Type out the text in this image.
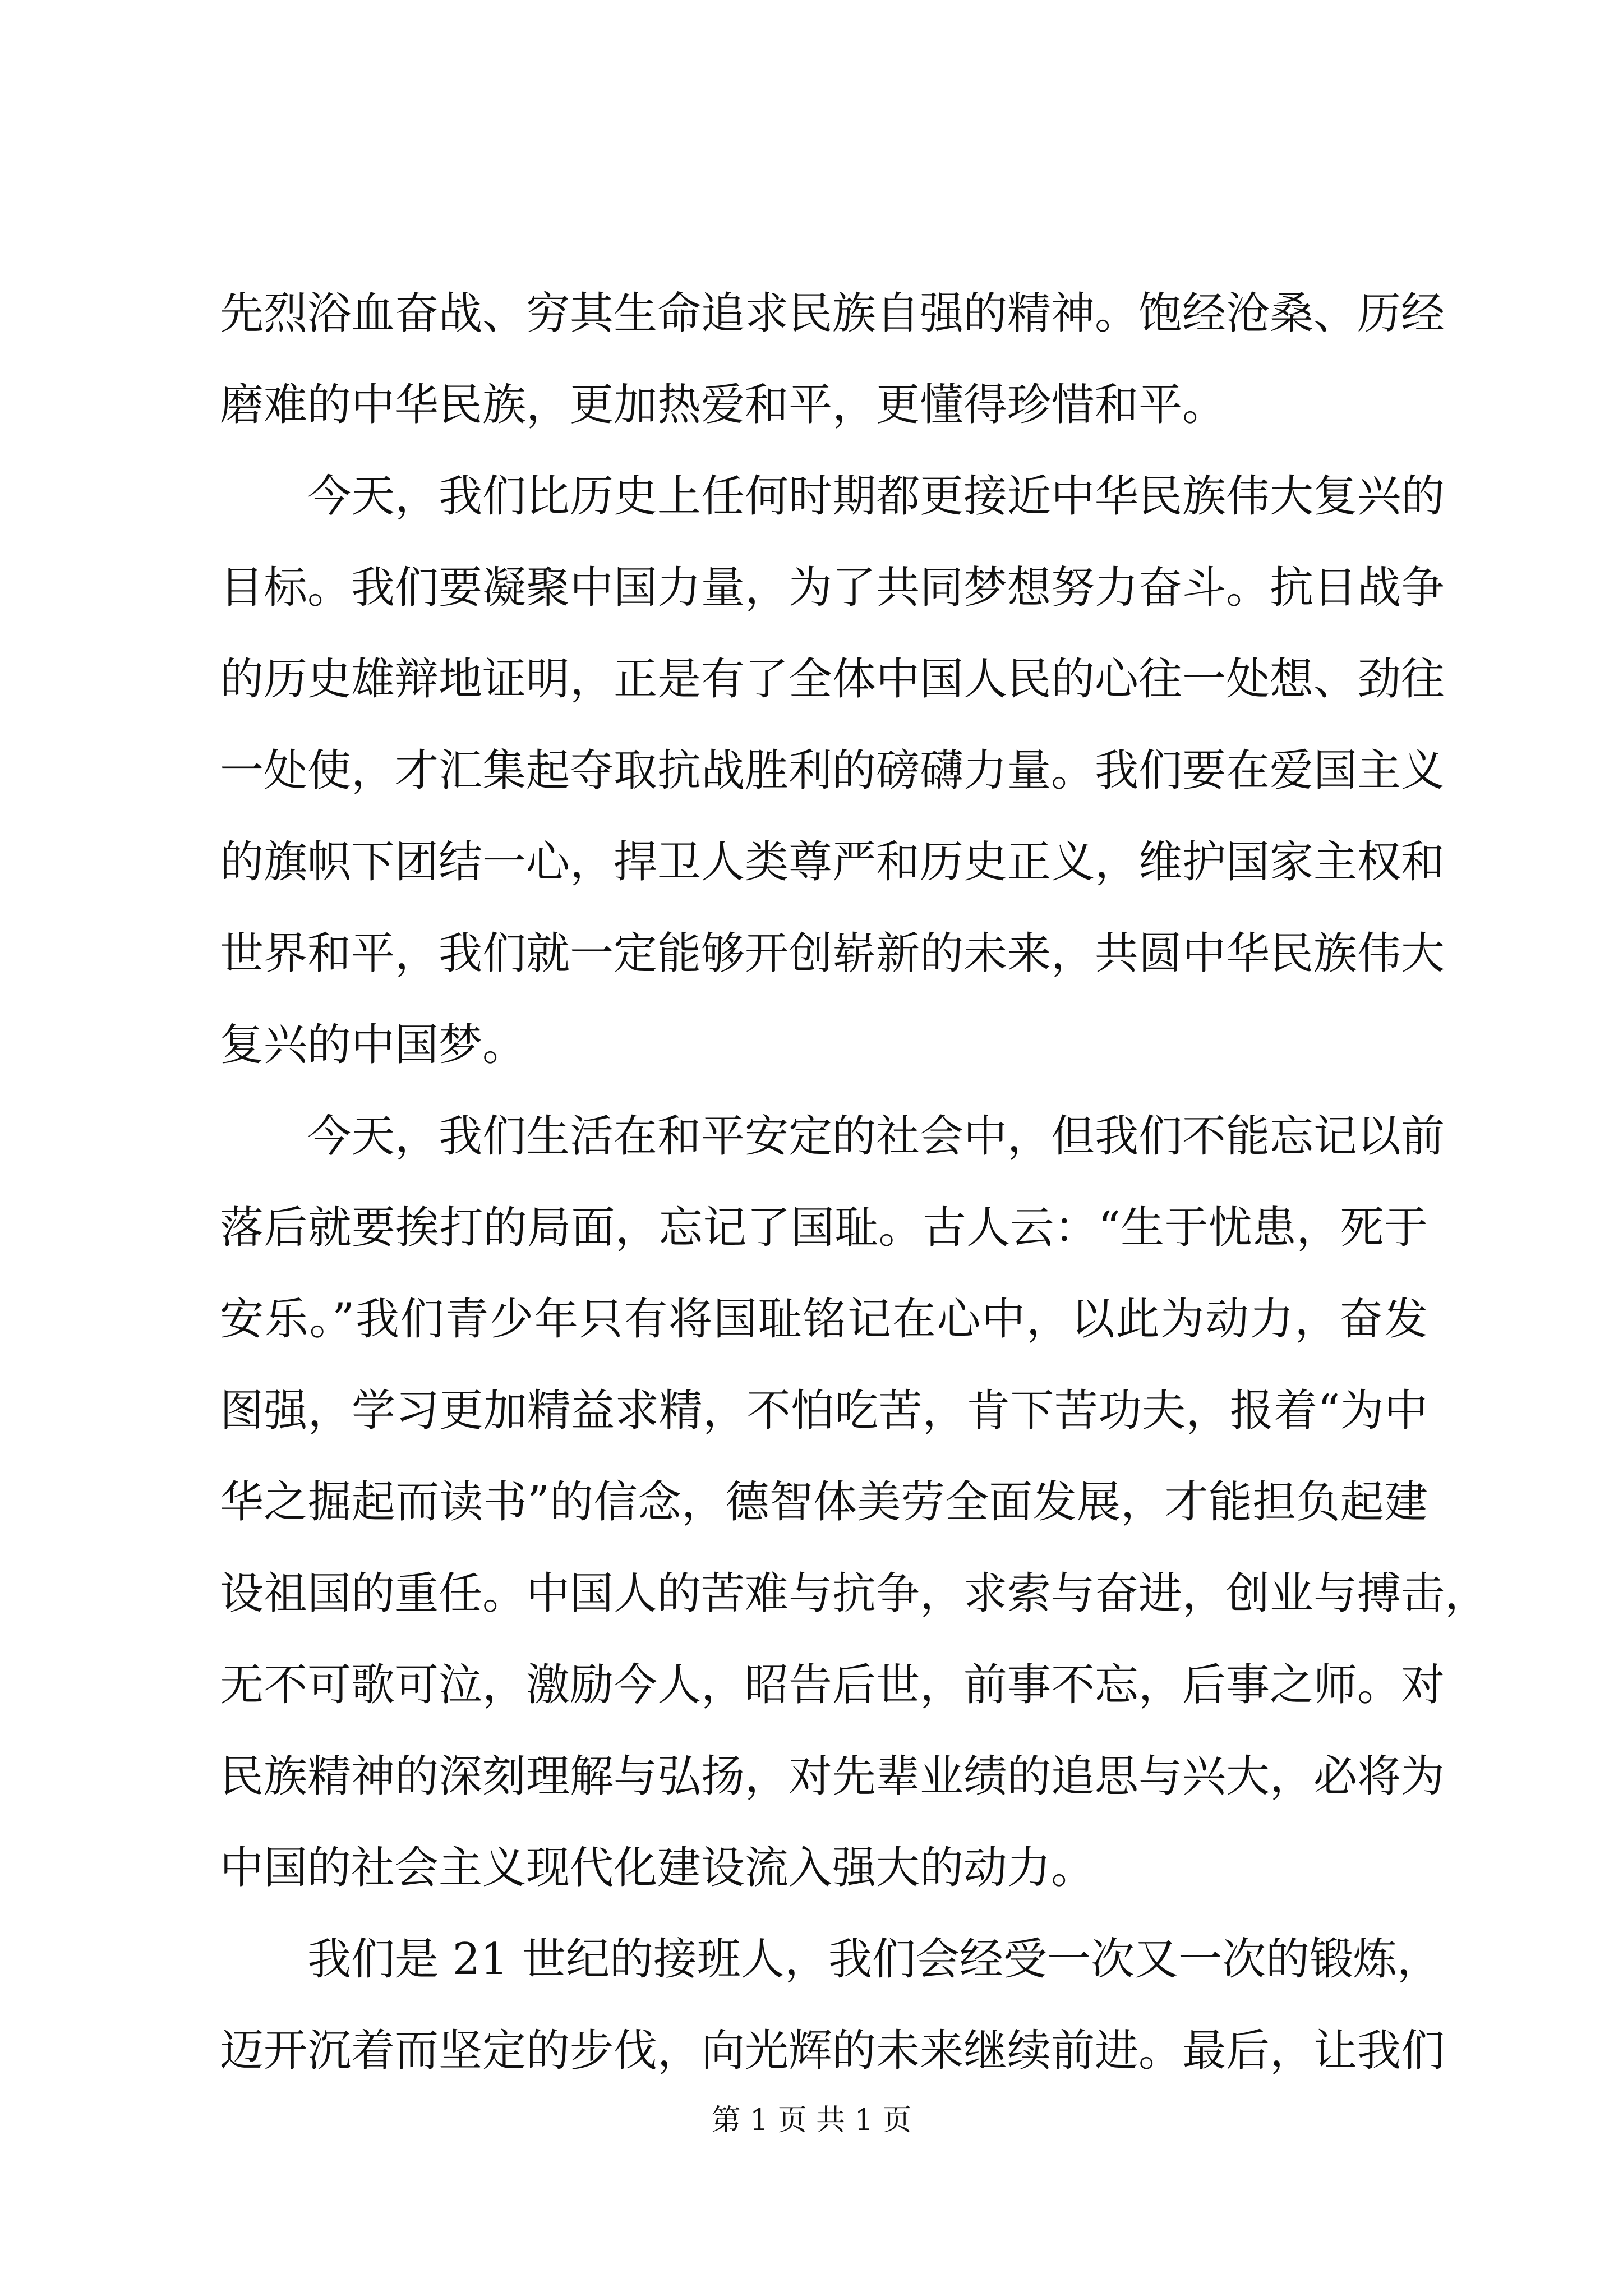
先烈浴血奋战、穷其生命追求民族自强的精神。饱经沧桑、历经
磨难的中华民族，更加热爱和平，更懂得珍惜和平。
　　今天，我们比历史上任何时期都更接近中华民族伟大复兴的
目标。我们要凝聚中国力量，为了共同梦想努力奋斗。抗日战争
的历史雄辩地证明，正是有了全体中国人民的心往一处想、劲往
一处使，才汇集起夺取抗战胜利的磅礴力量。我们要在爱国主义
的旗帜下团结一心，捍卫人类尊严和历史正义，维护国家主权和
世界和平，我们就一定能够开创崭新的未来，共圆中华民族伟大
复兴的中国梦。
　　今天，我们生活在和平安定的社会中，但我们不能忘记以前
落后就要挨打的局面，忘记了国耻。古人云：“生于忧患，死于
安乐。”我们青少年只有将国耻铭记在心中，以此为动力，奋发
图强，学习更加精益求精，不怕吃苦，肯下苦功夫，报着“为中
华之掘起而读书”的信念，德智体美劳全面发展，才能担负起建
设祖国的重任。中国人的苦难与抗争，求索与奋进，创业与搏击，
无不可歌可泣，激励今人，昭告后世，前事不忘，后事之师。对
民族精神的深刻理解与弘扬，对先辈业绩的追思与兴大，必将为
中国的社会主义现代化建设流入强大的动力。
　　我们是 21 世纪的接班人，我们会经受一次又一次的锻炼，
迈开沉着而坚定的步伐，向光辉的未来继续前进。最后，让我们
第 1 页 共 1 页
